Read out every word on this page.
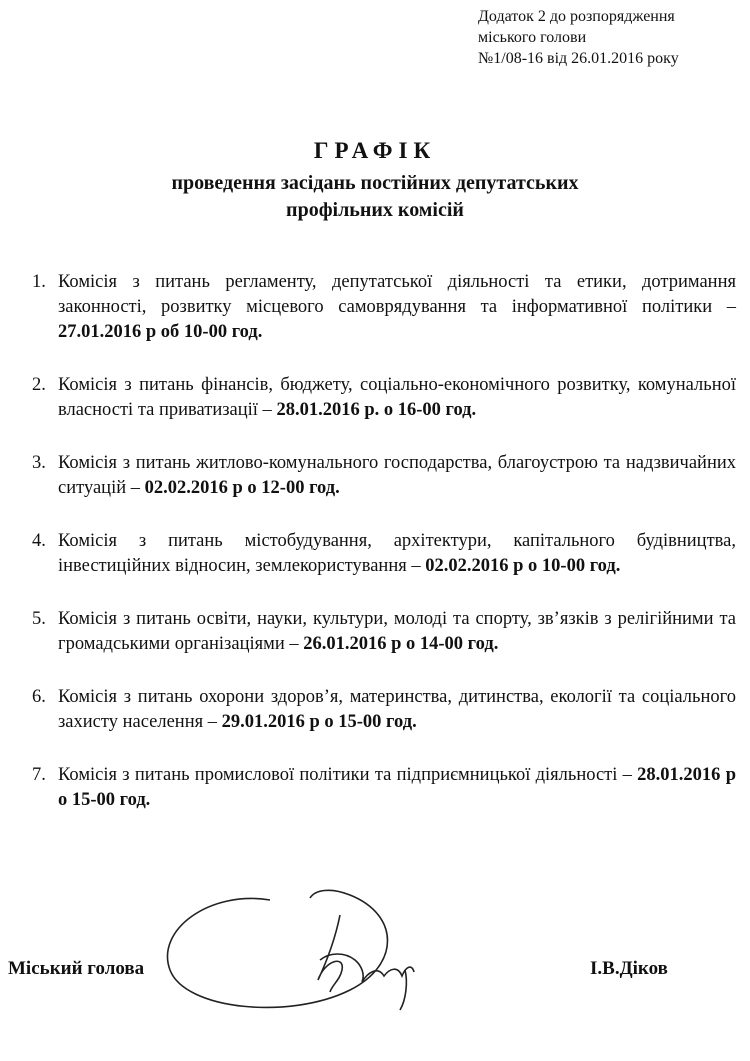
Додаток 2 до розпорядження
міського голови
№1/08-16 від 26.01.2016 року
ГРАФІК
проведення засідань постійних депутатських
профільних комісій
1. Комісія з питань регламенту, депутатської діяльності та етики, дотримання законності, розвитку місцевого самоврядування та інформативної політики – 27.01.2016 р об 10-00 год.
2. Комісія з питань фінансів, бюджету, соціально-економічного розвитку, комунальної власності та приватизації – 28.01.2016 р. о 16-00 год.
3. Комісія з питань житлово-комунального господарства, благоустрою та надзвичайних ситуацій – 02.02.2016 р о 12-00 год.
4. Комісія з питань містобудування, архітектури, капітального будівництва, інвестиційних відносин, землекористування – 02.02.2016 р о 10-00 год.
5. Комісія з питань освіти, науки, культури, молоді та спорту, зв’язків з релігійними та громадськими організаціями – 26.01.2016 р о 14-00 год.
6. Комісія з питань охорони здоров’я, материнства, дитинства, екології та соціального захисту населення – 29.01.2016 р о 15-00 год.
7. Комісія з питань промислової політики та підприємницької діяльності – 28.01.2016 р о 15-00 год.
Міський голова	І.В.Діков
